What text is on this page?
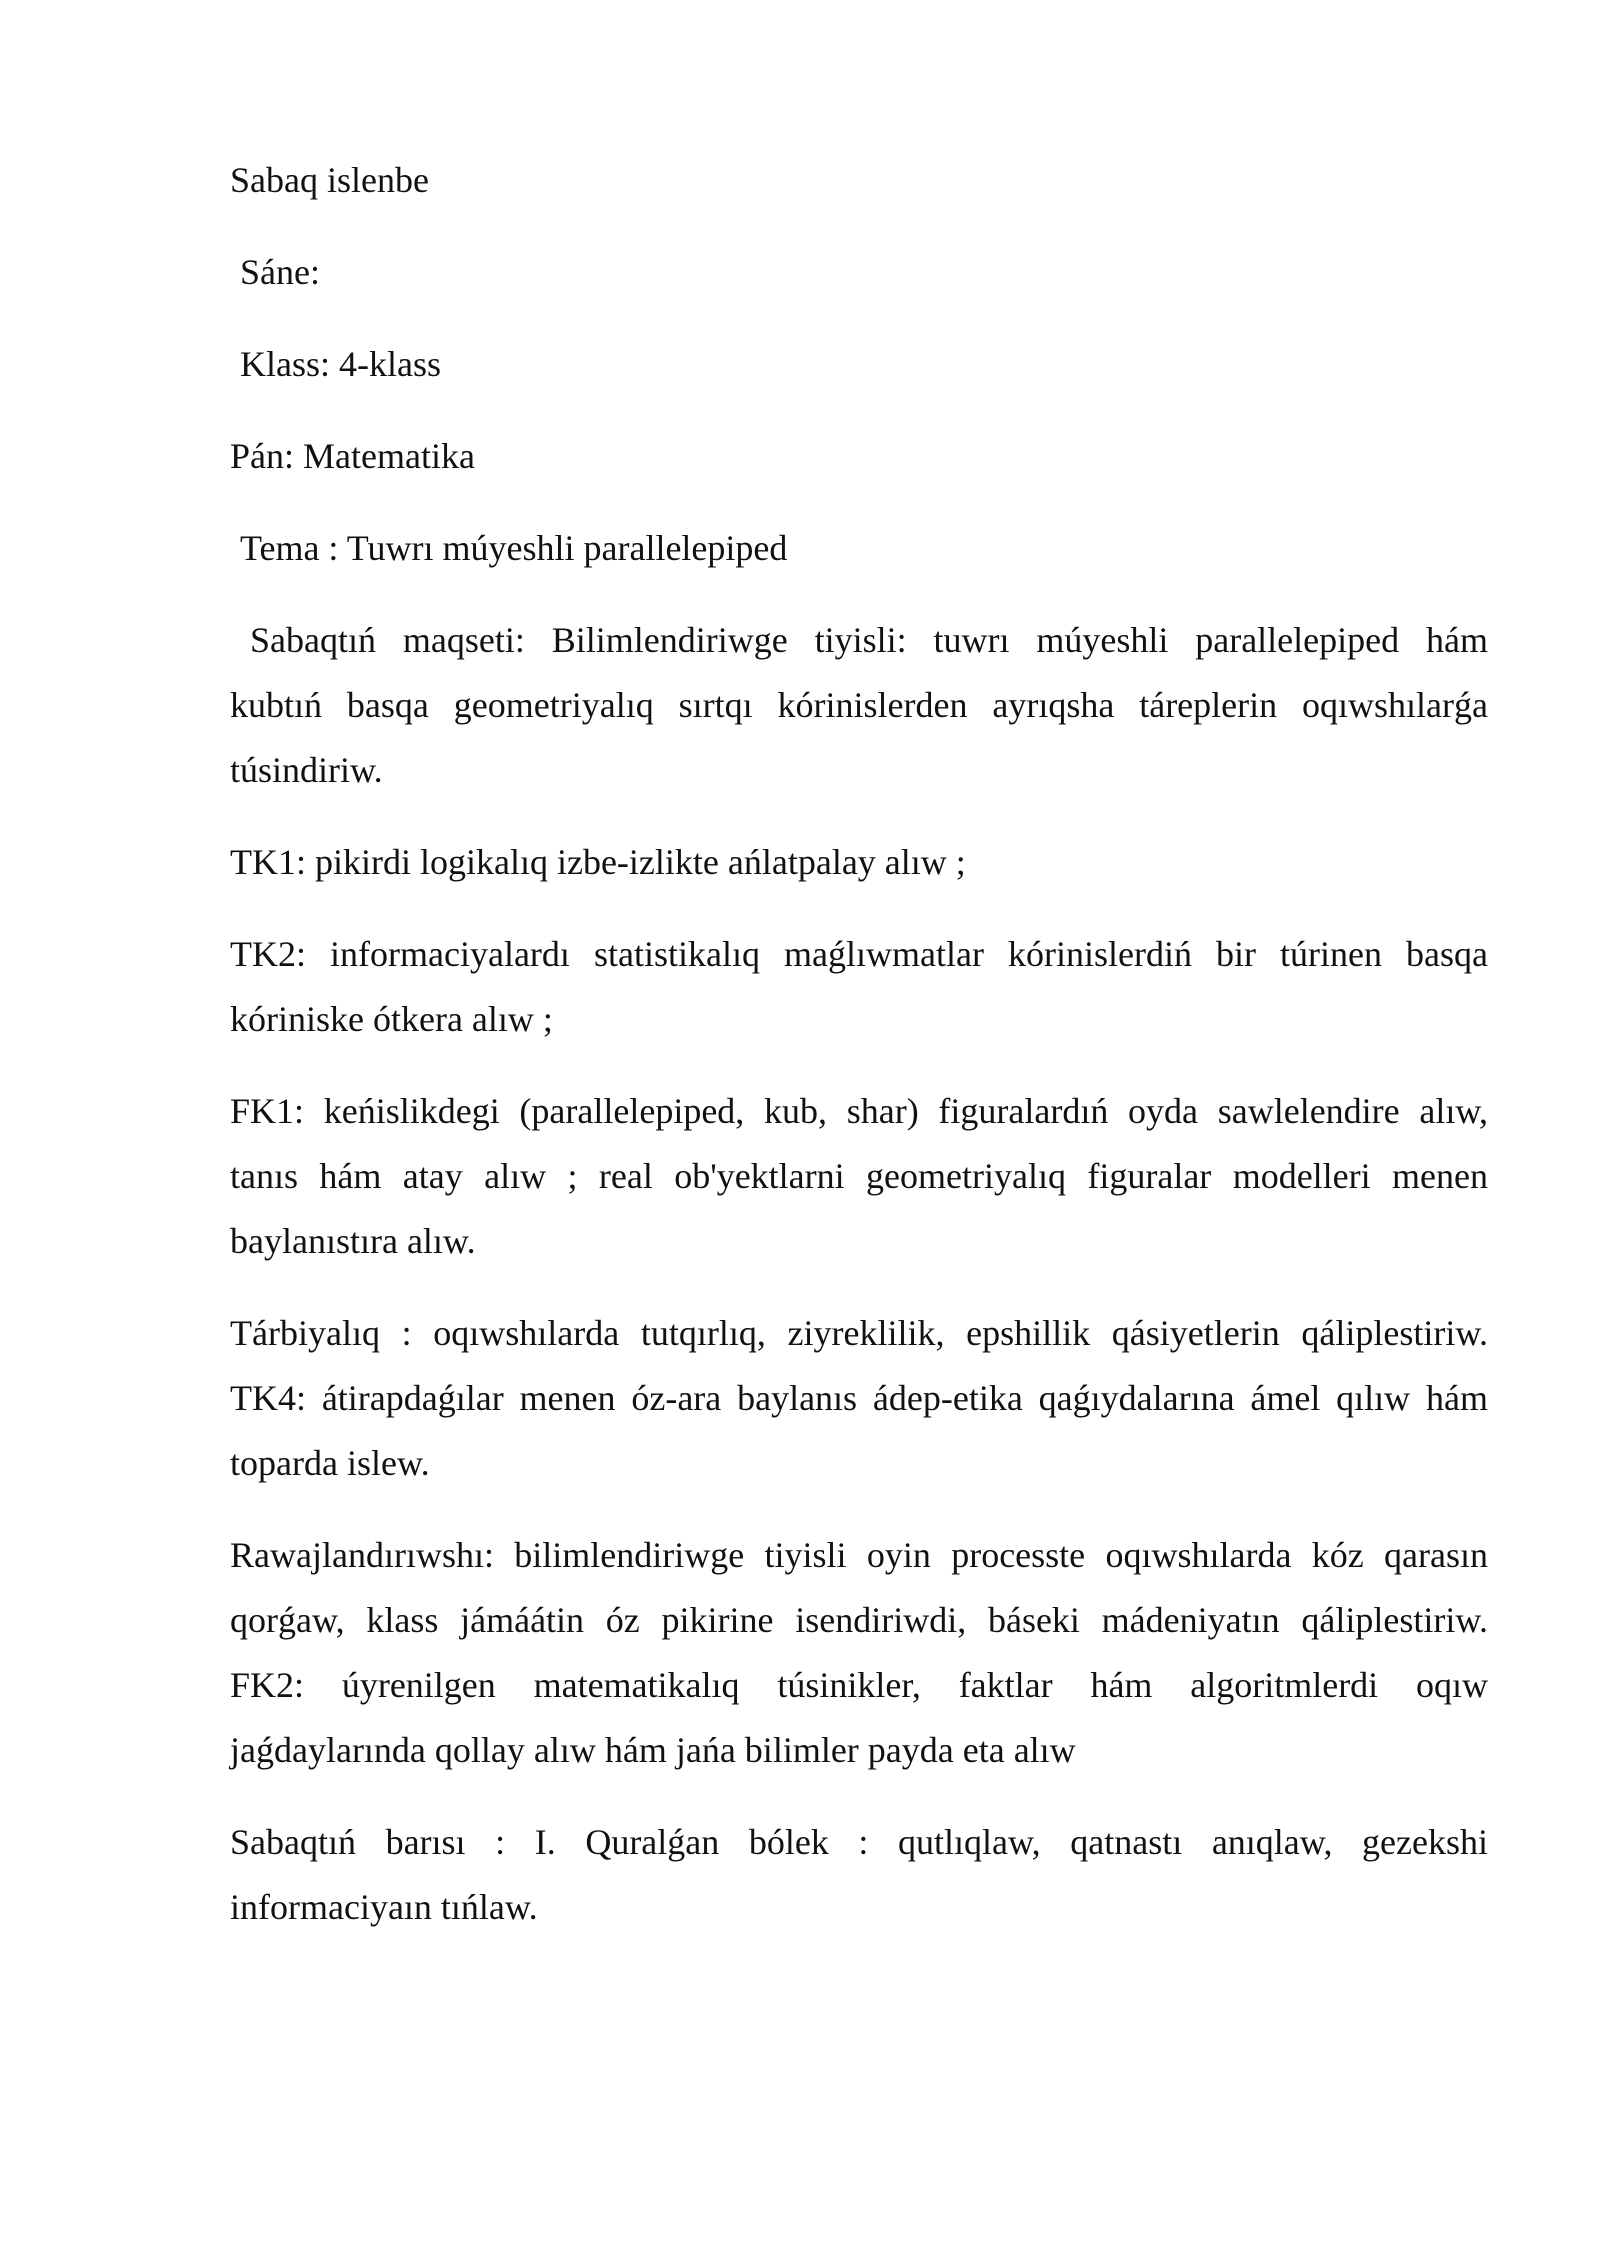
Sabaq islenbe
Sáne:
Klass: 4-klass
Pán: Matematika
Tema : Tuwrı múyeshli parallelepiped
Sabaqtıń maqseti: Bilimlendiriwge tiyisli: tuwrı múyeshli parallelepiped hám
kubtıń basqa geometriyalıq sırtqı kórinislerden ayrıqsha táreplerin oqıwshılarǵa
túsindiriw.
TK1: pikirdi logikalıq izbe-izlikte ańlatpalay alıw ;
TK2: informaciyalardı statistikalıq maǵlıwmatlar kórinislerdiń bir túrinen basqa
kóriniske ótkera alıw ;
FK1: keńislikdegi (parallelepiped, kub, shar) figuralardıń oyda sawlelendire alıw,
tanıs hám atay alıw ; real ob'yektlarni geometriyalıq figuralar modelleri menen
baylanıstıra alıw.
Tárbiyalıq : oqıwshılarda tutqırlıq, ziyreklilik, epshillik qásiyetlerin qáliplestiriw.
TK4: átirapdaǵılar menen óz-ara baylanıs ádep-etika qaǵıydalarına ámel qılıw hám
toparda islew.
Rawajlandırıwshı: bilimlendiriwge tiyisli oyin processte oqıwshılarda kóz qarasın
qorǵaw, klass jámáátin óz pikirine isendiriwdi, báseki mádeniyatın qáliplestiriw.
FK2: úyrenilgen matematikalıq túsinikler, faktlar hám algoritmlerdi oqıw
jaǵdaylarında qollay alıw hám jańa bilimler payda eta alıw
Sabaqtıń barısı : I. Quralǵan bólek : qutlıqlaw, qatnastı anıqlaw, gezekshi
informaciyaın tıńlaw.
